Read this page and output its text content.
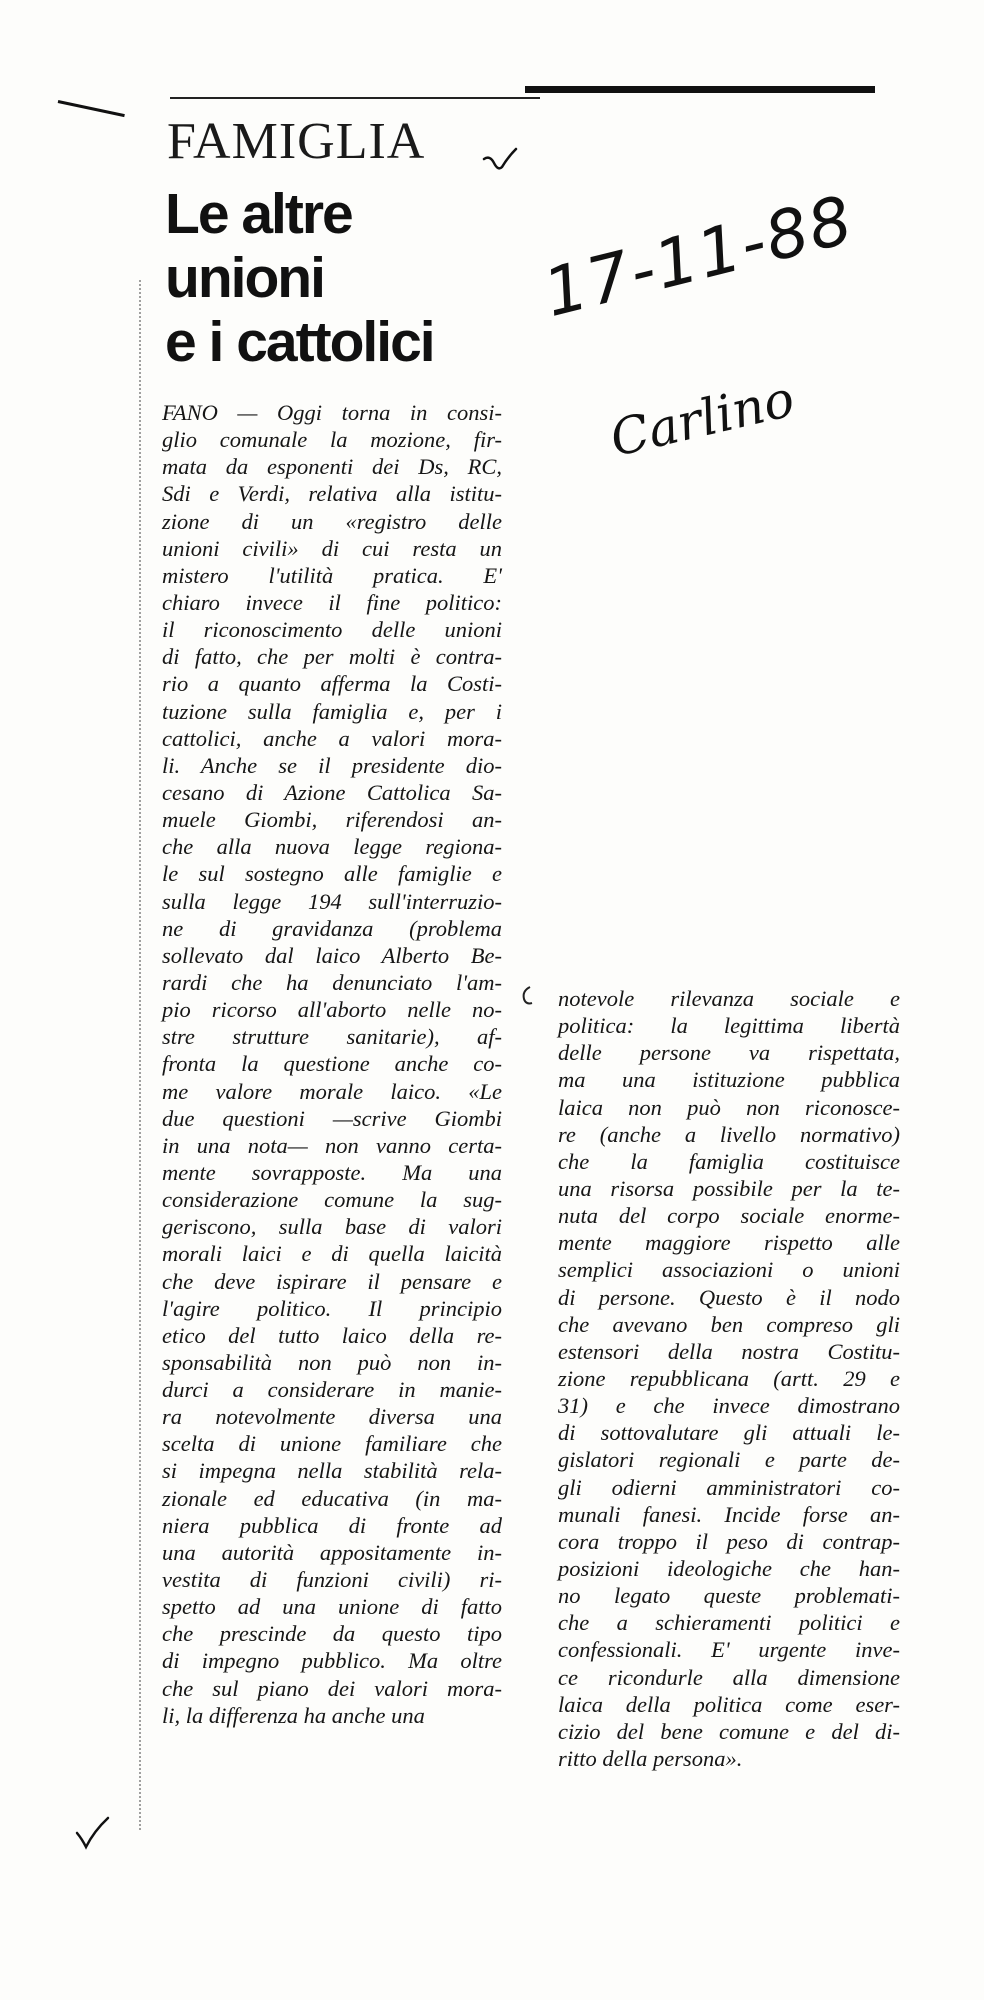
FAMIGLIA
Le altre
unioni
e i cattolici
17-11-88
Carlino
FANO — Oggi torna in consi-
glio comunale la mozione, fir-
mata da esponenti dei Ds, RC,
Sdi e Verdi, relativa alla istitu-
zione di un «registro delle
unioni civili» di cui resta un
mistero l'utilità pratica. E'
chiaro invece il fine politico:
il riconoscimento delle unioni
di fatto, che per molti è contra-
rio a quanto afferma la Costi-
tuzione sulla famiglia e, per i
cattolici, anche a valori mora-
li. Anche se il presidente dio-
cesano di Azione Cattolica Sa-
muele Giombi, riferendosi an-
che alla nuova legge regiona-
le sul sostegno alle famiglie e
sulla legge 194 sull'interruzio-
ne di gravidanza (problema
sollevato dal laico Alberto Be-
rardi che ha denunciato l'am-
pio ricorso all'aborto nelle no-
stre strutture sanitarie), af-
fronta la questione anche co-
me valore morale laico. «Le
due questioni —scrive Giombi
in una nota— non vanno certa-
mente sovrapposte. Ma una
considerazione comune la sug-
geriscono, sulla base di valori
morali laici e di quella laicità
che deve ispirare il pensare e
l'agire politico. Il principio
etico del tutto laico della re-
sponsabilità non può non in-
durci a considerare in manie-
ra notevolmente diversa una
scelta di unione familiare che
si impegna nella stabilità rela-
zionale ed educativa (in ma-
niera pubblica di fronte ad
una autorità appositamente in-
vestita di funzioni civili) ri-
spetto ad una unione di fatto
che prescinde da questo tipo
di impegno pubblico. Ma oltre
che sul piano dei valori mora-
li, la differenza ha anche una
notevole rilevanza sociale e
politica: la legittima libertà
delle persone va rispettata,
ma una istituzione pubblica
laica non può non riconosce-
re (anche a livello normativo)
che la famiglia costituisce
una risorsa possibile per la te-
nuta del corpo sociale enorme-
mente maggiore rispetto alle
semplici associazioni o unioni
di persone. Questo è il nodo
che avevano ben compreso gli
estensori della nostra Costitu-
zione repubblicana (artt. 29 e
31) e che invece dimostrano
di sottovalutare gli attuali le-
gislatori regionali e parte de-
gli odierni amministratori co-
munali fanesi. Incide forse an-
cora troppo il peso di contrap-
posizioni ideologiche che han-
no legato queste problemati-
che a schieramenti politici e
confessionali. E' urgente inve-
ce ricondurle alla dimensione
laica della politica come eser-
cizio del bene comune e del di-
ritto della persona».
